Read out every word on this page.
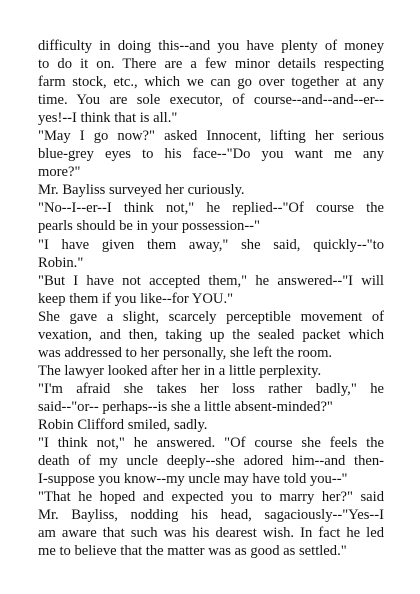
difficulty in doing this--and you have plenty of money
to do it on. There are a few minor details respecting
farm stock, etc., which we can go over together at any
time. You are sole executor, of course--and--and--er--
yes!--I think that is all."

"May I go now?" asked Innocent, lifting her serious
blue-grey eyes to his face--"Do you want me any
more?"

Mr. Bayliss surveyed her curiously.

"No--I--er--I think not," he replied--"Of course the
pearls should be in your possession--"

"I have given them away," she said, quickly--"to
Robin."

"But I have not accepted them," he answered--"I will
keep them if you like--for YOU."

She gave a slight, scarcely perceptible movement of
vexation, and then, taking up the sealed packet which
was addressed to her personally, she left the room.

The lawyer looked after her in a little perplexity.

"I'm afraid she takes her loss rather badly," he
said--"or-- perhaps--is she a little absent-minded?"

Robin Clifford smiled, sadly.

"I think not," he answered. "Of course she feels the
death of my uncle deeply--she adored him--and then-
I-suppose you know--my uncle may have told you--"

"That he hoped and expected you to marry her?" said
Mr. Bayliss, nodding his head, sagaciously--"Yes--I
am aware that such was his dearest wish. In fact he led
me to believe that the matter was as good as settled."
